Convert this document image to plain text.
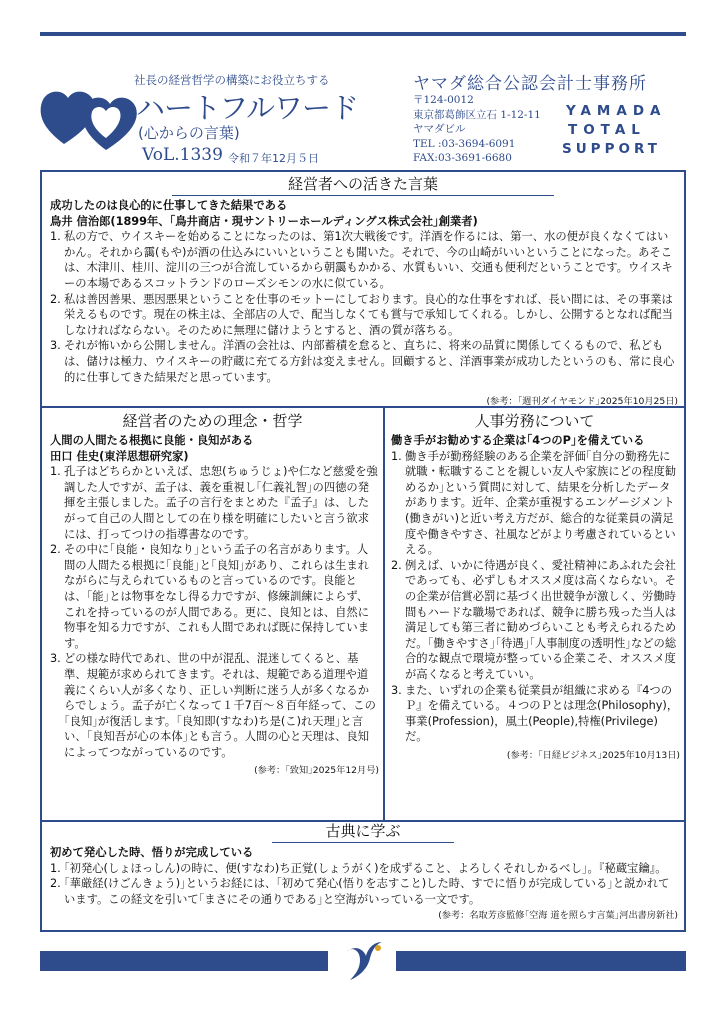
社長の経営哲学の構築にお役立ちする
ハートフルワード
(心からの言葉)
VoL.1339 令和７年12月５日
ヤマダ総合公認会計士事務所
〒124-0012
東京都葛飾区立石 1-12-11
ヤマダビル
TEL :03-3694-6091
FAX:03-3691-6680
YAMADA
TOTAL
SUPPORT
経営者への活きた言葉
成功したのは良心的に仕事してきた結果である
鳥井 信治郎(1899年、｢鳥井商店・現サントリーホールディングス株式会社｣創業者)
1. 私の方で、ウイスキーを始めることになったのは、第1次大戦後です。洋酒を作るには、第一、水の便が良くなくてはいかん。それから靄(もや)が酒の仕込みにいいということも聞いた。それで、今の山崎がいいということになった。あそこは、木津川、桂川、淀川の三つが合流しているから朝靄もかかる、水質もいい、交通も便利だということです。ウイスキーの本場であるスコットランドのローズシモンの水に似ている。
2. 私は善因善果、悪因悪果ということを仕事のモットーにしております。良心的な仕事をすれば、長い間には、その事業は栄えるものです。現在の株主は、全部店の人で、配当しなくても賞与で承知してくれる。しかし、公開するとなれば配当しなければならない。そのために無理に儲けようとすると、酒の質が落ちる。
3. それが怖いから公開しません。洋酒の会社は、内部蓄積を怠ると、直ちに、将来の品質に関係してくるもので、私どもは、儲けは極力、ウイスキーの貯蔵に充てる方針は変えません。回顧すると、洋酒事業が成功したというのも、常に良心的に仕事してきた結果だと思っています。
(参考：｢週刊ダイヤモンド｣2025年10月25日)
経営者のための理念・哲学
人間の人間たる根拠に良能・良知がある
田口 佳史(東洋思想研究家)
1. 孔子はどちらかといえば、忠恕(ちゅうじょ)や仁など慈愛を強調した人ですが、孟子は、義を重視し｢仁義礼智｣の四徳の発揮を主張しました。孟子の言行をまとめた『孟子』は、したがって自己の人間としての在り様を明確にしたいと言う欲求には、打ってつけの指導書なのです。
2. その中に｢良能・良知なり｣という孟子の名言があります。人間の人間たる根拠に｢良能｣と｢良知｣があり、これらは生まれながらに与えられているものと言っているのです。良能とは、｢能｣とは物事をなし得る力ですが、修練訓練によらず、これを持っているのが人間である。更に、良知とは、自然に物事を知る力ですが、これも人間であれば既に保持しています。
3. どの様な時代であれ、世の中が混乱、混迷してくると、基準、規範が求められてきます。それは、規範である道理や道義にくらい人が多くなり、正しい判断に迷う人が多くなるからでしょう。孟子が亡くなって１千7百～８百年経って、この｢良知｣が復活します。｢良知即(すなわ)ち是(こ)れ天理｣と言い、｢良知吾が心の本体｣とも言う。人間の心と天理は、良知によってつながっているのです。
(参考：｢致知｣2025年12月号)
人事労務について
働き手がお勧めする企業は｢4つのP｣を備えている
1. 働き手が勤務経験のある企業を評価｢自分の勤務先に就職・転職することを親しい友人や家族にどの程度勧めるか｣という質問に対して、結果を分析したデータがあります。近年、企業が重視するエンゲージメント(働きがい)と近い考え方だが、総合的な従業員の満足度や働きやすさ、社風などがより考慮されているといえる。
2. 例えば、いかに待遇が良く、愛社精神にあふれた会社であっても、必ずしもオススメ度は高くならない。その企業が信賞必罰に基づく出世競争が激しく、労働時間もハードな職場であれば、競争に勝ち残った当人は満足しても第三者に勧めづらいことも考えられるためだ。｢働きやすさ｣｢待遇｣｢人事制度の透明性｣などの総合的な観点で環境が整っている企業こそ、オススメ度が高くなると考えていい。
3. また、いずれの企業も従業員が組織に求める『4つのＰ』を備えている。４つのＰとは理念(Philosophy)，事業(Profession)，風土(People),特権(Privilege)だ。
(参考：｢日経ビジネス｣2025年10月13日)
古典に学ぶ
初めて発心した時、悟りが完成している
1. ｢初発心(しょほっしん)の時に、便(すなわ)ち正覚(しょうがく)を成ずること、よろしくそれしかるべし｣。『秘蔵宝鑰』。
2. ｢華厳経(けごんきょう)｣というお経には、｢初めて発心(悟りを志すこと)した時、すでに悟りが完成している｣と説かれています。この経文を引いて｢まさにその通りである｣と空海がいっている一文です。
(参考：名取芳彦監修｢空海 道を照らす言葉｣河出書房新社)
